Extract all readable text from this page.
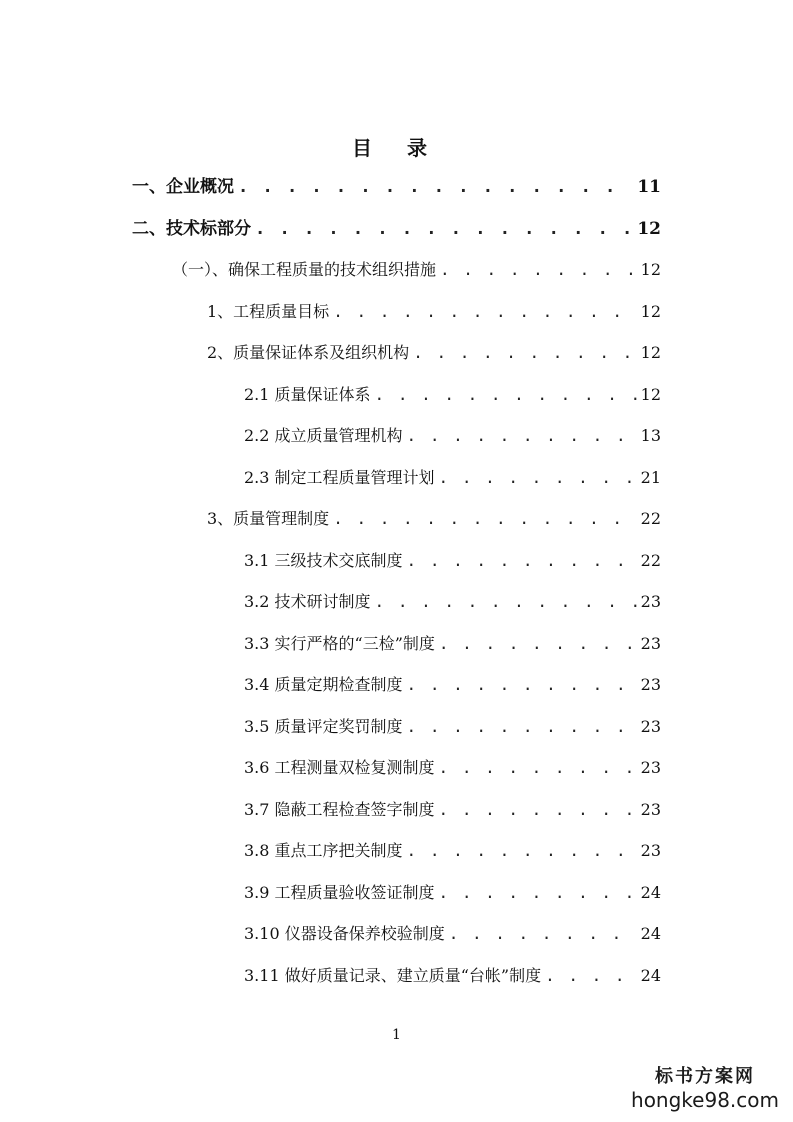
目 录
一、企业概况 . . .	11
二、技术标部分 . . .	12
（一）、确保工程质量的技术组织措施 . . .	12
1、工程质量目标 . . .	12
2、质量保证体系及组织机构 . . .	12
2.1 质量保证体系 . . .	12
2.2 成立质量管理机构 . . .	13
2.3 制定工程质量管理计划 . . .	21
3、质量管理制度 . . .	22
3.1 三级技术交底制度 . . .	22
3.2 技术研讨制度 . . .	23
3.3 实行严格的“三检”制度 . . .	23
3.4 质量定期检查制度 . . .	23
3.5 质量评定奖罚制度 . . .	23
3.6 工程测量双检复测制度 . . .	23
3.7 隐蔽工程检查签字制度 . . .	23
3.8 重点工序把关制度 . . .	23
3.9 工程质量验收签证制度 . . .	24
3.10 仪器设备保养校验制度 . . .	24
3.11 做好质量记录、建立质量“台帐”制度 . . .	24
1
标书方案网
hongke98.com
